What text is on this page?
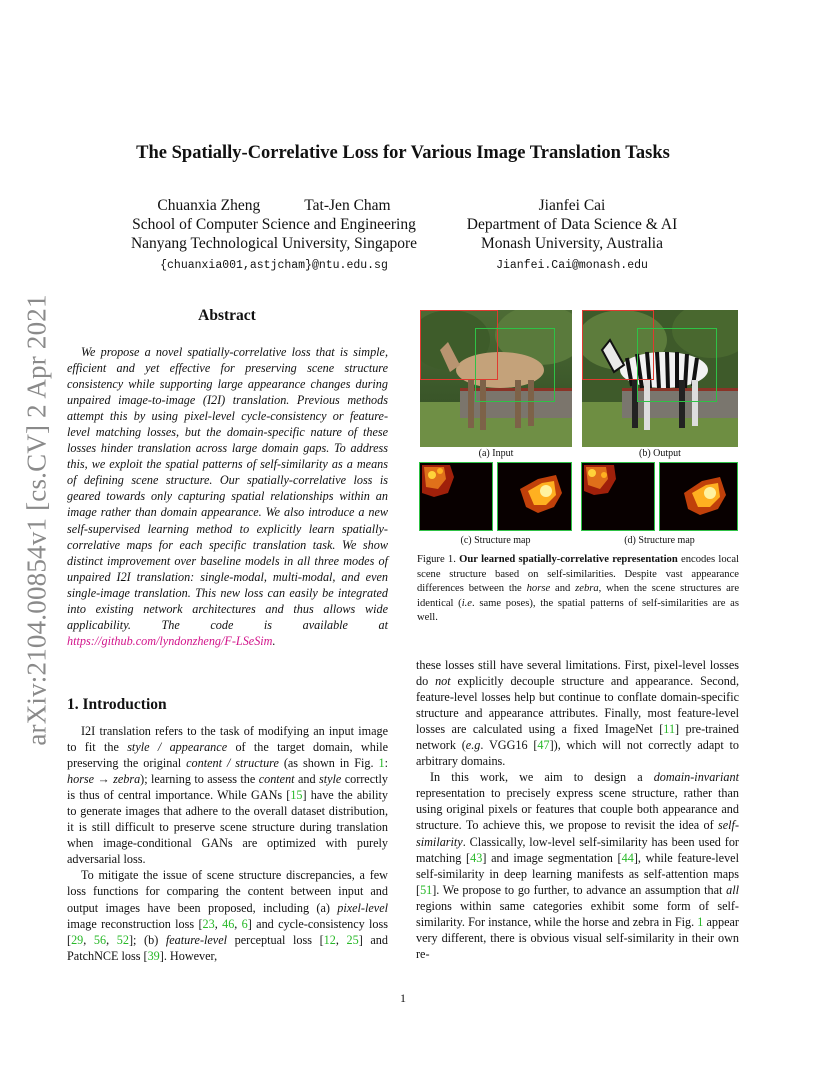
arXiv:2104.00854v1 [cs.CV] 2 Apr 2021
The Spatially-Correlative Loss for Various Image Translation Tasks
Chuanxia Zheng	Tat-Jen Cham
School of Computer Science and Engineering
Nanyang Technological University, Singapore
{chuanxia001,astjcham}@ntu.edu.sg
Jianfei Cai
Department of Data Science & AI
Monash University, Australia
Jianfei.Cai@monash.edu
Abstract
We propose a novel spatially-correlative loss that is simple, efficient and yet effective for preserving scene structure consistency while supporting large appearance changes during unpaired image-to-image (I2I) translation. Previous methods attempt this by using pixel-level cycle-consistency or feature-level matching losses, but the domain-specific nature of these losses hinder translation across large domain gaps. To address this, we exploit the spatial patterns of self-similarity as a means of defining scene structure. Our spatially-correlative loss is geared towards only capturing spatial relationships within an image rather than domain appearance. We also introduce a new self-supervised learning method to explicitly learn spatially-correlative maps for each specific translation task. We show distinct improvement over baseline models in all three modes of unpaired I2I translation: single-modal, multi-modal, and even single-image translation. This new loss can easily be integrated into existing network architectures and thus allows wide applicability. The code is available at https://github.com/lyndonzheng/F-LSeSim.
1. Introduction

I2I translation refers to the task of modifying an input image to fit the style / appearance of the target domain, while preserving the original content / structure (as shown in Fig. 1: horse → zebra); learning to assess the content and style correctly is thus of central importance. While GANs [15] have the ability to generate images that adhere to the overall dataset distribution, it is still difficult to preserve scene structure during translation when image-conditional GANs are optimized with purely adversarial loss.

To mitigate the issue of scene structure discrepancies, a few loss functions for comparing the content between input and output images have been proposed, including (a) pixel-level image reconstruction loss [23, 46, 6] and cycle-consistency loss [29, 56, 52]; (b) feature-level perceptual loss [12, 25] and PatchNCE loss [39]. However,

(a) Input	(b) Output
(c) Structure map	(d) Structure map
Figure 1. Our learned spatially-correlative representation encodes local scene structure based on self-similarities. Despite vast appearance differences between the horse and zebra, when the scene structures are identical (i.e. same poses), the spatial patterns of self-similarities are as well.

these losses still have several limitations. First, pixel-level losses do not explicitly decouple structure and appearance. Second, feature-level losses help but continue to conflate domain-specific structure and appearance attributes. Finally, most feature-level losses are calculated using a fixed ImageNet [11] pre-trained network (e.g. VGG16 [47]), which will not correctly adapt to arbitrary domains.

In this work, we aim to design a domain-invariant representation to precisely express scene structure, rather than using original pixels or features that couple both appearance and structure. To achieve this, we propose to revisit the idea of self-similarity. Classically, low-level self-similarity has been used for matching [43] and image segmentation [44], while feature-level self-similarity in deep learning manifests as self-attention maps [51]. We propose to go further, to advance an assumption that all regions within same categories exhibit some form of self-similarity. For instance, while the horse and zebra in Fig. 1 appear very different, there is obvious visual self-similarity in their own re-

1
